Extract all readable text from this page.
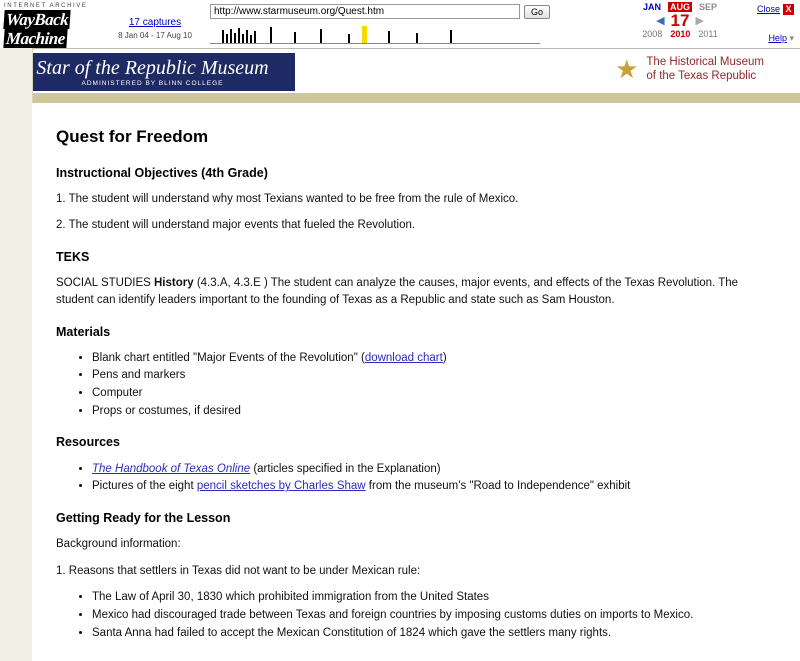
INTERNET ARCHIVE
WayBackMachine
17 captures
8 Jan 04 - 17 Aug 10
http://www.starmuseum.org/Quest.htm
Go	JAN AUG SEP
◀ 17 ▶
2008 2010 2011
Close X
Help ▾
Star of the Republic Museum
ADMINISTERED BY BLINN COLLEGE	★ The Historical Museum
of the Texas Republic
Quest for Freedom
Instructional Objectives (4th Grade)

1. The student will understand why most Texians wanted to be free from the rule of Mexico.

2. The student will understand major events that fueled the Revolution.

TEKS

SOCIAL STUDIES History (4.3.A, 4.3.E ) The student can analyze the causes, major events, and effects of the Texas Revolution. The student can identify leaders important to the founding of Texas as a Republic and state such as Sam Houston.

Materials
• Blank chart entitled "Major Events of the Revolution" (download chart)
• Pens and markers
• Computer
• Props or costumes, if desired
Resources
• The Handbook of Texas Online (articles specified in the Explanation)
• Pictures of the eight pencil sketches by Charles Shaw from the museum's "Road to Independence" exhibit
Getting Ready for the Lesson

Background information:

1. Reasons that settlers in Texas did not want to be under Mexican rule:

• The Law of April 30, 1830 which prohibited immigration from the United States
• Mexico had discouraged trade between Texas and foreign countries by imposing customs duties on imports to Mexico.
• Santa Anna had failed to accept the Mexican Constitution of 1824 which gave the settlers many rights.
